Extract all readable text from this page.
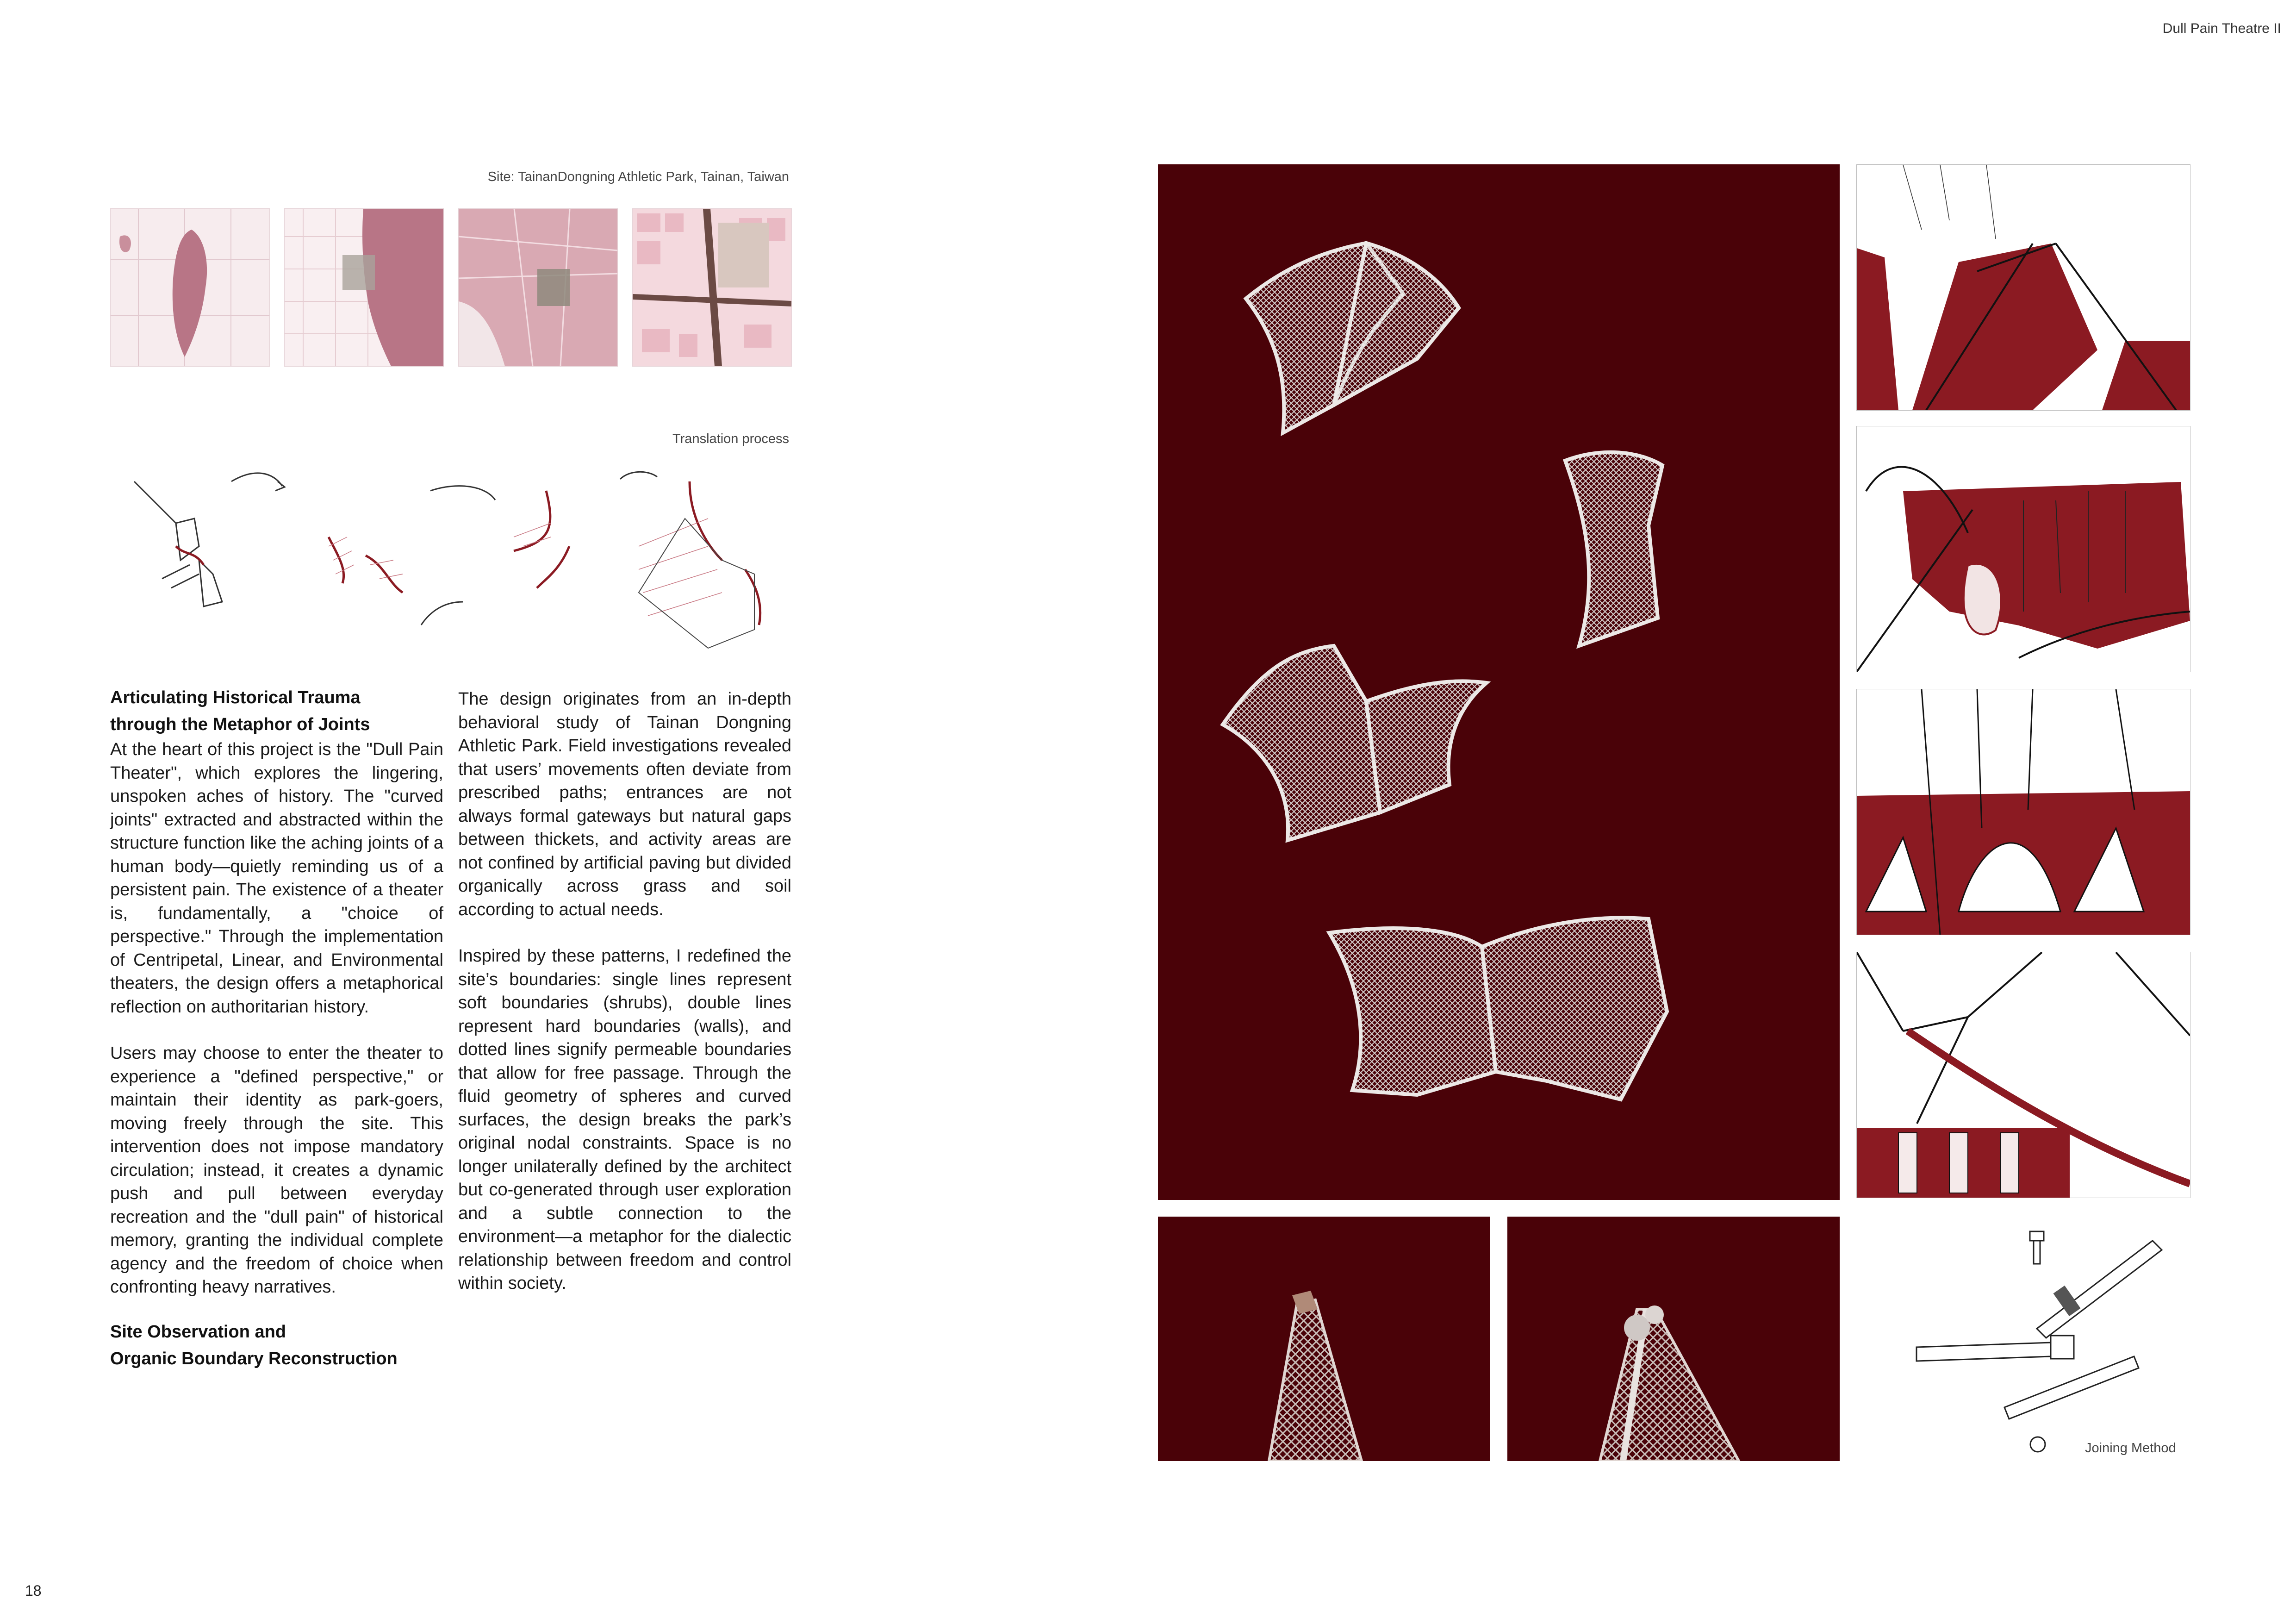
Dull Pain Theatre II
18
Site: TainanDongning Athletic Park, Tainan, Taiwan
Translation process
Articulating Historical Trauma
through the Metaphor of Joints

At the heart of this project is the "Dull Pain Theater", which explores the lingering, unspoken aches of history. The "curved joints" extracted and abstracted within the structure function like the aching joints of a human body—quietly reminding us of a persistent pain. The existence of a theater is, fundamentally, a "choice of perspective." Through the implementation of Centripetal, Linear, and Environmental theaters, the design offers a metaphorical reflection on authoritarian history.

Users may choose to enter the theater to experience a "defined perspective," or maintain their identity as park-goers, moving freely through the site. This intervention does not impose mandatory circulation; instead, it creates a dynamic push and pull between everyday recreation and the "dull pain" of historical memory, granting the individual complete agency and the freedom of choice when confronting heavy narratives.

Site Observation and
Organic Boundary Reconstruction

The design originates from an in-depth behavioral study of Tainan Dongning Athletic Park. Field investigations revealed that users’ movements often deviate from prescribed paths; entrances are not always formal gateways but natural gaps between thickets, and activity areas are not confined by artificial paving but divided organically across grass and soil according to actual needs.

Inspired by these patterns, I redefined the site’s boundaries: single lines represent soft boundaries (shrubs), double lines represent hard boundaries (walls), and dotted lines signify permeable boundaries that allow for free passage. Through the fluid geometry of spheres and curved surfaces, the design breaks the park’s original nodal constraints. Space is no longer unilaterally defined by the architect but co-generated through user exploration and a subtle connection to the environment—a metaphor for the dialectic relationship between freedom and control within society.

Joining Method
